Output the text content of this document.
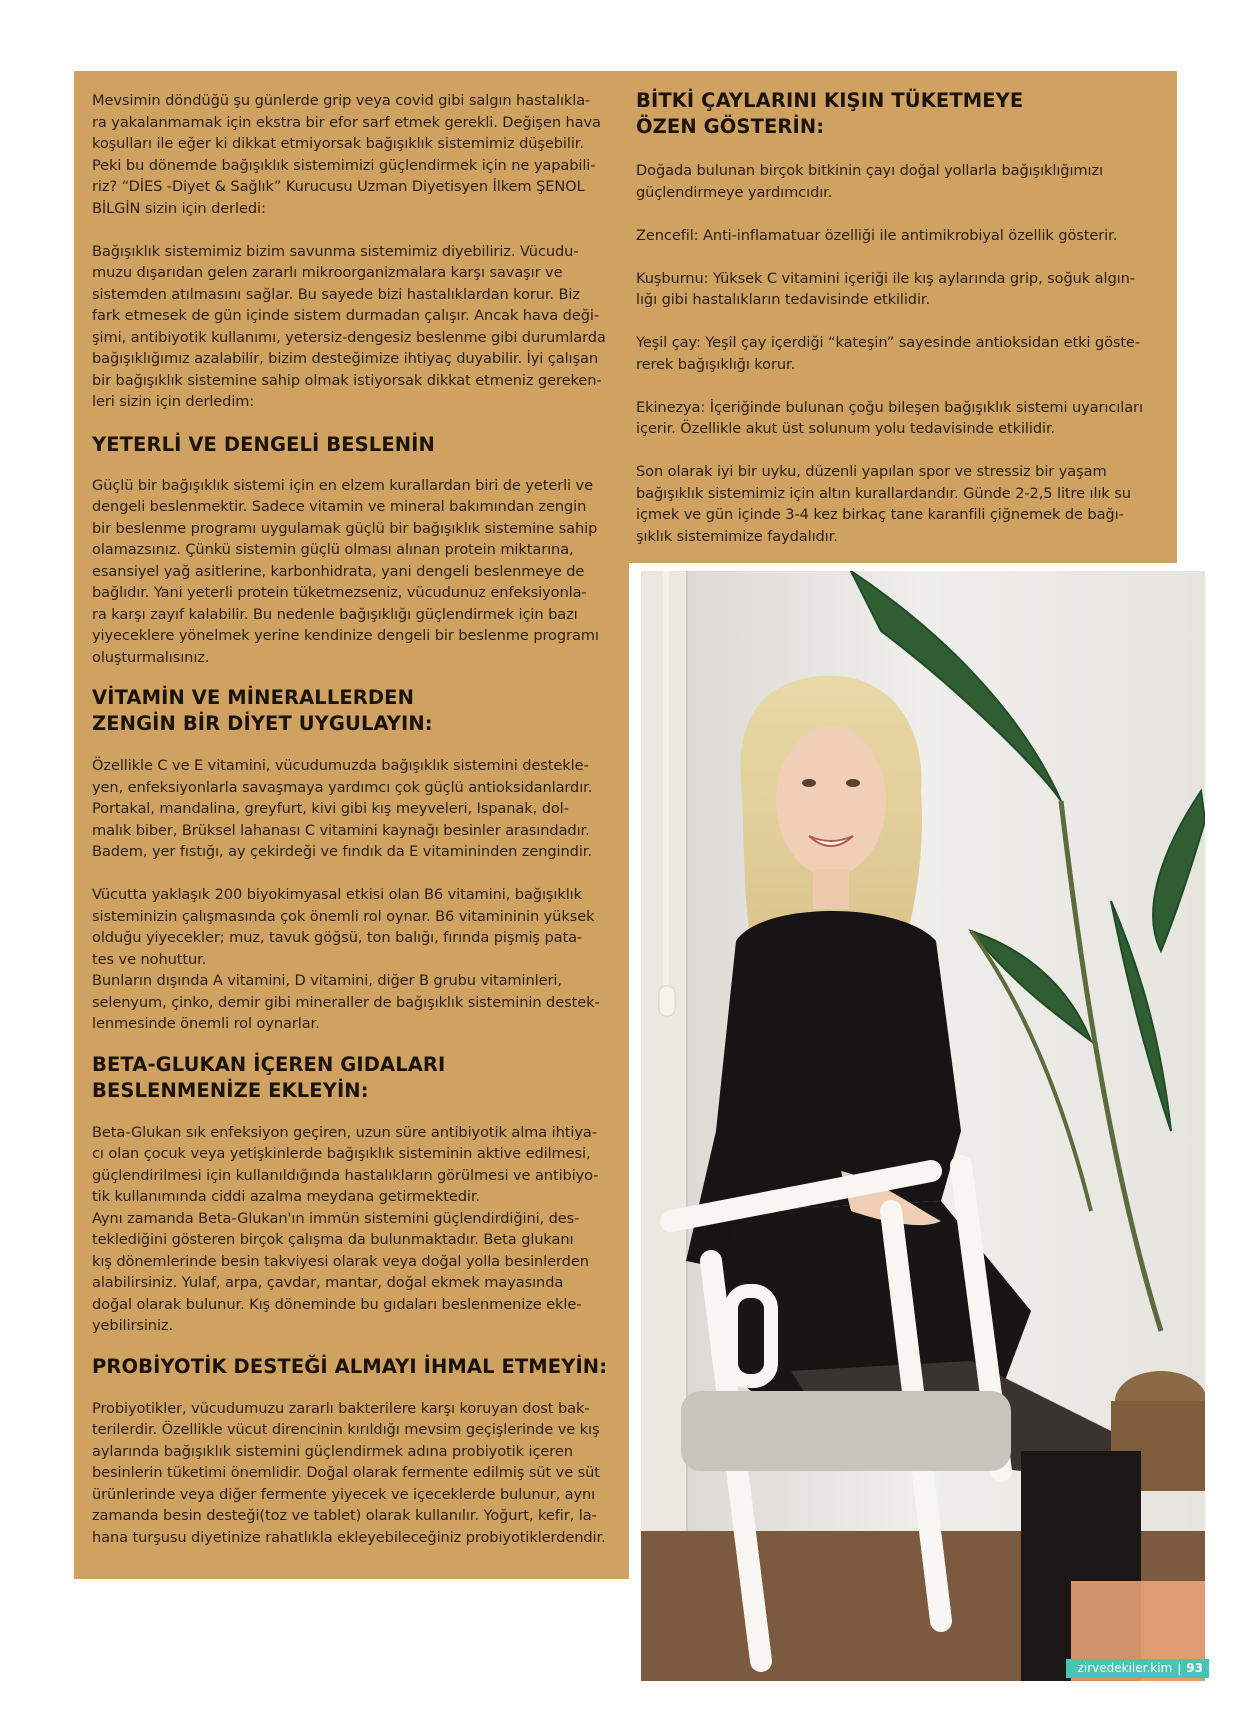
Mevsimin döndüğü şu günlerde grip veya covid gibi salgın hastalıkla-
ra yakalanmamak için ekstra bir efor sarf etmek gerekli. Değişen hava
koşulları ile eğer ki dikkat etmiyorsak bağışıklık sistemimiz düşebilir.
Peki bu dönemde bağışıklık sistemimizi güçlendirmek için ne yapabili-
riz? “DİES -Diyet & Sağlık” Kurucusu Uzman Diyetisyen İlkem ŞENOL
BİLGİN sizin için derledi:

Bağışıklık sistemimiz bizim savunma sistemimiz diyebiliriz. Vücudu-
muzu dışarıdan gelen zararlı mikroorganizmalara karşı savaşır ve
sistemden atılmasını sağlar. Bu sayede bizi hastalıklardan korur. Biz
fark etmesek de gün içinde sistem durmadan çalışır. Ancak hava deği-
şimi, antibiyotik kullanımı, yetersiz-dengesiz beslenme gibi durumlarda
bağışıklığımız azalabilir, bizim desteğimize ihtiyaç duyabilir. İyi çalışan
bir bağışıklık sistemine sahip olmak istiyorsak dikkat etmeniz gereken-
leri sizin için derledim:

YETERLİ VE DENGELİ BESLENİN

Güçlü bir bağışıklık sistemi için en elzem kurallardan biri de yeterli ve
dengeli beslenmektir. Sadece vitamin ve mineral bakımından zengin
bir beslenme programı uygulamak güçlü bir bağışıklık sistemine sahip
olamazsınız. Çünkü sistemin güçlü olması alınan protein miktarına,
esansiyel yağ asitlerine, karbonhidrata, yani dengeli beslenmeye de
bağlıdır. Yani yeterli protein tüketmezseniz, vücudunuz enfeksiyonla-
ra karşı zayıf kalabilir. Bu nedenle bağışıklığı güçlendirmek için bazı
yiyeceklere yönelmek yerine kendinize dengeli bir beslenme programı
oluşturmalısınız.

VİTAMİN VE MİNERALLERDEN
ZENGİN BİR DİYET UYGULAYIN:

Özellikle C ve E vitamini, vücudumuzda bağışıklık sistemini destekle-
yen, enfeksiyonlarla savaşmaya yardımcı çok güçlü antioksidanlardır.
Portakal, mandalina, greyfurt, kivi gibi kış meyveleri, Ispanak, dol-
malık biber, Brüksel lahanası C vitamini kaynağı besinler arasındadır.
Badem, yer fıstığı, ay çekirdeği ve fındık da E vitamininden zengindir.

Vücutta yaklaşık 200 biyokimyasal etkisi olan B6 vitamini, bağışıklık
sisteminizin çalışmasında çok önemli rol oynar. B6 vitamininin yüksek
olduğu yiyecekler; muz, tavuk göğsü, ton balığı, fırında pişmiş pata-
tes ve nohuttur.
Bunların dışında A vitamini, D vitamini, diğer B grubu vitaminleri,
selenyum, çinko, demir gibi mineraller de bağışıklık sisteminin destek-
lenmesinde önemli rol oynarlar.

BETA-GLUKAN İÇEREN GIDALARI
BESLENMENİZE EKLEYİN:

Beta-Glukan sık enfeksiyon geçiren, uzun süre antibiyotik alma ihtiya-
cı olan çocuk veya yetişkinlerde bağışıklık sisteminin aktive edilmesi,
güçlendirilmesi için kullanıldığında hastalıkların görülmesi ve antibiyo-
tik kullanımında ciddi azalma meydana getirmektedir.
Aynı zamanda Beta-Glukan'ın immün sistemini güçlendirdiğini, des-
teklediğini gösteren birçok çalışma da bulunmaktadır. Beta glukanı
kış dönemlerinde besin takviyesi olarak veya doğal yolla besinlerden
alabilirsiniz. Yulaf, arpa, çavdar, mantar, doğal ekmek mayasında
doğal olarak bulunur. Kış döneminde bu gıdaları beslenmenize ekle-
yebilirsiniz.

PROBİYOTİK DESTEĞİ ALMAYI İHMAL ETMEYİN:

Probiyotikler, vücudumuzu zararlı bakterilere karşı koruyan dost bak-
terilerdir. Özellikle vücut direncinin kırıldığı mevsim geçişlerinde ve kış
aylarında bağışıklık sistemini güçlendirmek adına probiyotik içeren
besinlerin tüketimi önemlidir. Doğal olarak fermente edilmiş süt ve süt
ürünlerinde veya diğer fermente yiyecek ve içeceklerde bulunur, aynı
zamanda besin desteği(toz ve tablet) olarak kullanılır. Yoğurt, kefir, la-
hana turşusu diyetinize rahatlıkla ekleyebileceğiniz probiyotiklerdendir.

BİTKİ ÇAYLARINI KIŞIN TÜKETMEYE
ÖZEN GÖSTERİN:

Doğada bulunan birçok bitkinin çayı doğal yollarla bağışıklığımızı
güçlendirmeye yardımcıdır.

Zencefil: Anti-inflamatuar özelliği ile antimikrobiyal özellik gösterir.

Kuşburnu: Yüksek C vitamini içeriği ile kış aylarında grip, soğuk algın-
lığı gibi hastalıkların tedavisinde etkilidir.

Yeşil çay: Yeşil çay içerdiği “kateşin” sayesinde antioksidan etki göste-
rerek bağışıklığı korur.

Ekinezya: İçeriğinde bulunan çoğu bileşen bağışıklık sistemi uyarıcıları
içerir. Özellikle akut üst solunum yolu tedavisinde etkilidir.

Son olarak iyi bir uyku, düzenli yapılan spor ve stressiz bir yaşam
bağışıklık sistemimiz için altın kurallardandır. Günde 2-2,5 litre ılık su
içmek ve gün içinde 3-4 kez birkaç tane karanfili çiğnemek de bağı-
şıklık sistemimize faydalıdır.

zirvedekiler.kim | 93
